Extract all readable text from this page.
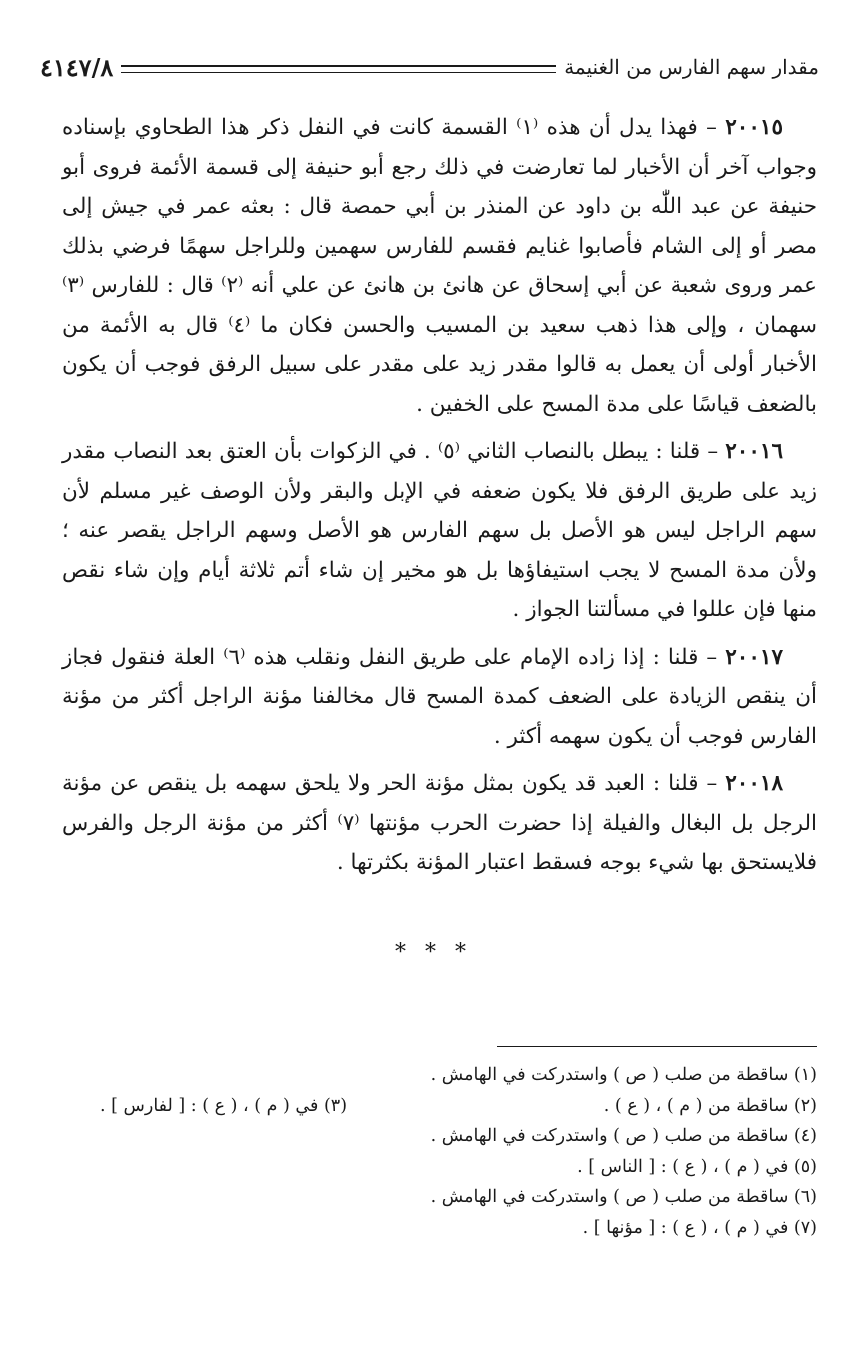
مقدار سهم الفارس من الغنيمة
٤١٤٧/٨

٢٠٠١٥ – فهذا يدل أن هذه ⁽١⁾ القسمة كانت في النفل ذكر هذا الطحاوي بإسناده وجواب آخر أن الأخبار لما تعارضت في ذلك رجع أبو حنيفة إلى قسمة الأئمة فروى أبو حنيفة عن عبد اللّٰه بن داود عن المنذر بن أبي حمصة قال : بعثه عمر في جيش إلى مصر أو إلى الشام فأصابوا غنايم فقسم للفارس سهمين وللراجل سهمًا فرضي بذلك عمر وروى شعبة عن أبي إسحاق عن هانئ بن هانئ عن علي أنه ⁽٢⁾ قال : للفارس ⁽٣⁾ سهمان ، وإلى هذا ذهب سعيد بن المسيب والحسن فكان ما ⁽٤⁾ قال به الأئمة من الأخبار أولى أن يعمل به قالوا مقدر زيد على مقدر على سبيل الرفق فوجب أن يكون بالضعف قياسًا على مدة المسح على الخفين .

٢٠٠١٦ – قلنا : يبطل بالنصاب الثاني ⁽٥⁾ . في الزكوات بأن العتق بعد النصاب مقدر زيد على طريق الرفق فلا يكون ضعفه في الإبل والبقر ولأن الوصف غير مسلم لأن سهم الراجل ليس هو الأصل بل سهم الفارس هو الأصل وسهم الراجل يقصر عنه ؛ ولأن مدة المسح لا يجب استيفاؤها بل هو مخير إن شاء أتم ثلاثة أيام وإن شاء نقص منها فإن عللوا في مسألتنا الجواز .

٢٠٠١٧ – قلنا : إذا زاده الإمام على طريق النفل ونقلب هذه ⁽٦⁾ العلة فنقول فجاز أن ينقص الزيادة على الضعف كمدة المسح قال مخالفنا مؤنة الراجل أكثر من مؤنة الفارس فوجب أن يكون سهمه أكثر .

٢٠٠١٨ – قلنا : العبد قد يكون بمثل مؤنة الحر ولا يلحق سهمه بل ينقص عن مؤنة الرجل بل البغال والفيلة إذا حضرت الحرب مؤنتها ⁽٧⁾ أكثر من مؤنة الرجل والفرس فلايستحق بها شيء بوجه فسقط اعتبار المؤنة بكثرتها .

* * *
(١) ساقطة من صلب ( ص ) واستدركت في الهامش .
(٢) ساقطة من ( م ) ، ( ع ) .
(٣) في ( م ) ، ( ع ) : [ لفارس ] .
(٤) ساقطة من صلب ( ص ) واستدركت في الهامش .
(٥) في ( م ) ، ( ع ) : [ الناس ] .
(٦) ساقطة من صلب ( ص ) واستدركت في الهامش .
(٧) في ( م ) ، ( ع ) : [ مؤنها ] .
